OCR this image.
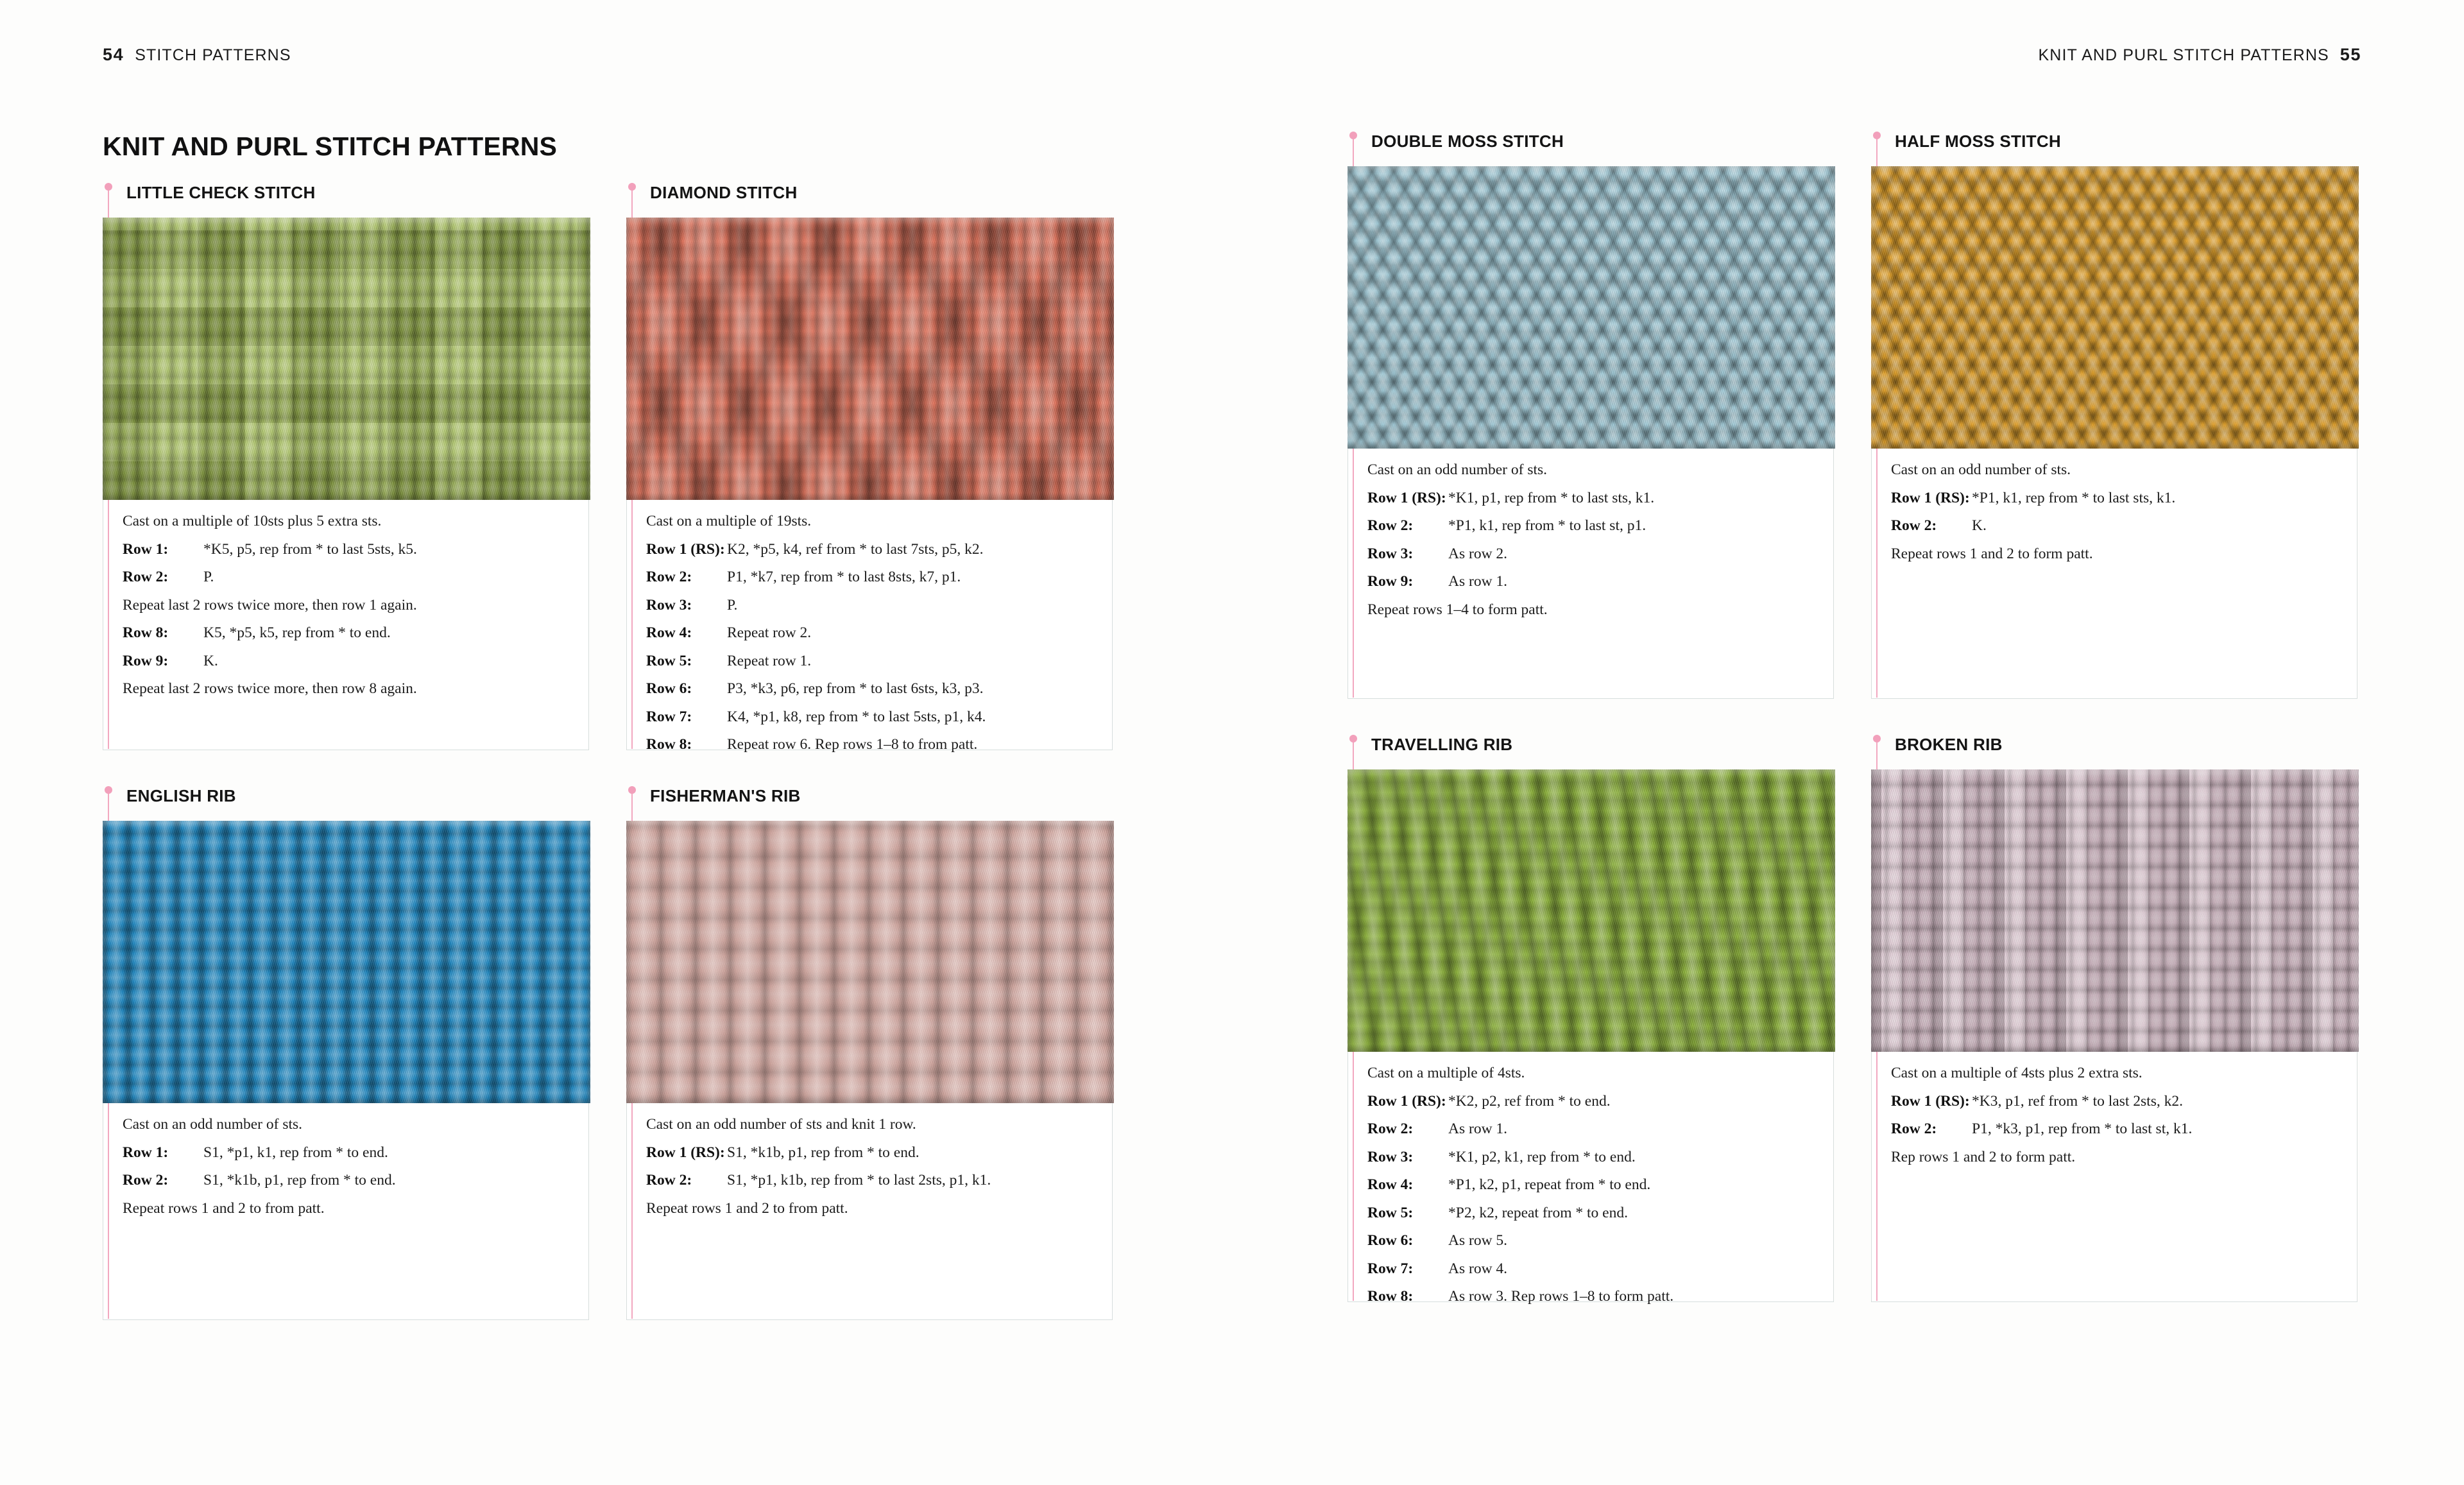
54 STITCH PATTERNS
KNIT AND PURL STITCH PATTERNS
LITTLE CHECK STITCH

Cast on a multiple of 10sts plus 5 extra sts.

Row 1:	*K5, p5, rep from * to last 5sts, k5.
Row 2:	P.

Repeat last 2 rows twice more, then row 1 again.

Row 8:	K5, *p5, k5, rep from * to end.
Row 9:	K.

Repeat last 2 rows twice more, then row 8 again.

DIAMOND STITCH

Cast on a multiple of 19sts.

Row 1 (RS): K2, *p5, k4, ref from * to last 7sts, p5, k2.
Row 2:	P1, *k7, rep from * to last 8sts, k7, p1.
Row 3:	P.
Row 4:	Repeat row 2.
Row 5:	Repeat row 1.
Row 6:	P3, *k3, p6, rep from * to last 6sts, k3, p3.
Row 7:	K4, *p1, k8, rep from * to last 5sts, p1, k4.
Row 8:	Repeat row 6. Rep rows 1–8 to from patt.
ENGLISH RIB

Cast on an odd number of sts.

Row 1:	S1, *p1, k1, rep from * to end.
Row 2:	S1, *k1b, p1, rep from * to end.

Repeat rows 1 and 2 to from patt.

FISHERMAN'S RIB

Cast on an odd number of sts and knit 1 row.

Row 1 (RS): S1, *k1b, p1, rep from * to end.
Row 2:	S1, *p1, k1b, rep from * to last 2sts, p1, k1.

Repeat rows 1 and 2 to from patt.

KNIT AND PURL STITCH PATTERNS 55
DOUBLE MOSS STITCH

Cast on an odd number of sts.

Row 1 (RS): *K1, p1, rep from * to last sts, k1.
Row 2:	*P1, k1, rep from * to last st, p1.
Row 3:	As row 2.
Row 9:	As row 1.

Repeat rows 1–4 to form patt.

HALF MOSS STITCH

Cast on an odd number of sts.

Row 1 (RS): *P1, k1, rep from * to last sts, k1.
Row 2:	K.

Repeat rows 1 and 2 to form patt.

TRAVELLING RIB

Cast on a multiple of 4sts.

Row 1 (RS): *K2, p2, ref from * to end.
Row 2:	As row 1.
Row 3:	*K1, p2, k1, rep from * to end.
Row 4:	*P1, k2, p1, repeat from * to end.
Row 5:	*P2, k2, repeat from * to end.
Row 6:	As row 5.
Row 7:	As row 4.
Row 8:	As row 3. Rep rows 1–8 to form patt.
BROKEN RIB

Cast on a multiple of 4sts plus 2 extra sts.

Row 1 (RS): *K3, p1, ref from * to last 2sts, k2.
Row 2:	P1, *k3, p1, rep from * to last st, k1.

Rep rows 1 and 2 to form patt.
